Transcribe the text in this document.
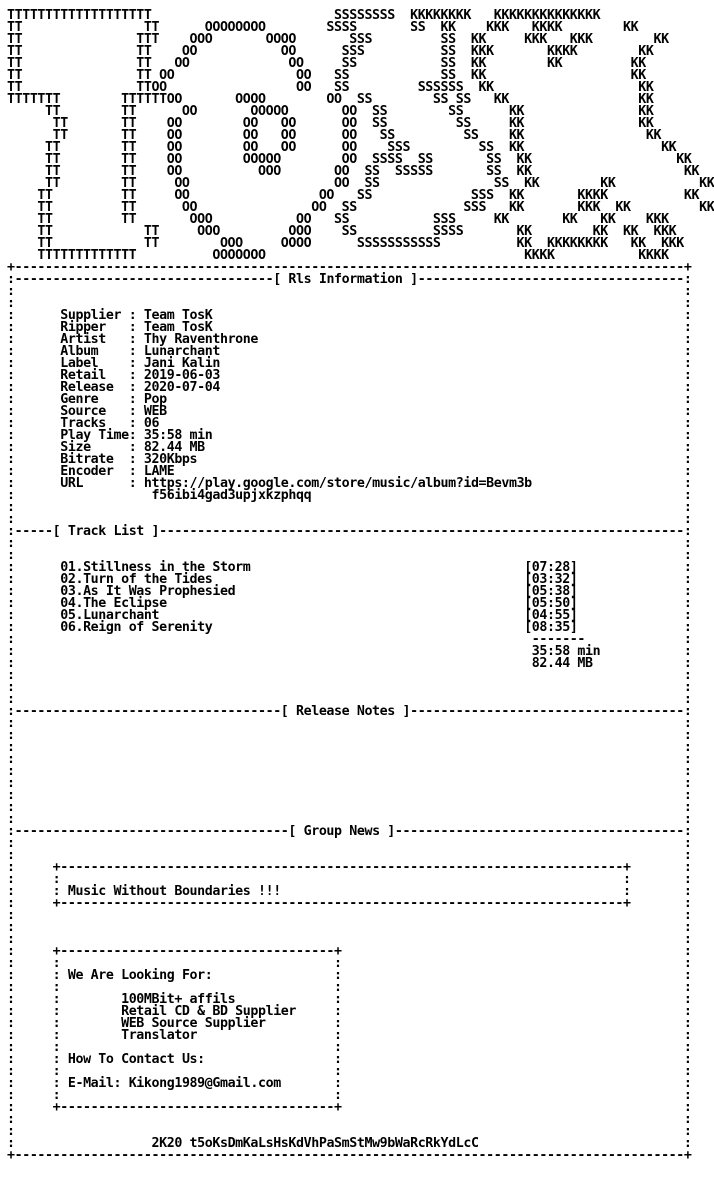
TTTTTTTTTTTTTTTTTTT                        SSSSSSSS  KKKKKKKK   KKKKKKKKKKKKKK
TT                TT      OOOOOOOO        SSSS       SS  KK    KKK   KKKK        KK
TT               TTT    OOO       OOOO       SSS         SS  KK     KKK   KKK        KK
TT               TT    OO           OO      SSS          SS  KKK       KKKK        KK
TT               TT   OO             OO     SS           SS  KK        KK         KK
TT               TT OO                OO   SS            SS  KK                   KK
TT               TTOO                 OO   SS         SSSSSS  KK                   KK
TTTTTTT        TTTTTTOO       OOOO        OO  SS        SS SS   KK                 KK
TT        TT      OO       OOOOO       OO  SS        SS      KK               KK
TT       TT    OO        OO   OO      OO  SS         SS     KK               KK
TT       TT    OO        OO   OO      OO   SS         SS    KK                KK
TT        TT    OO        OO   OO      OO    SSS         SS  KK                  KK
TT        TT    OO        OOOOO        OO  SSSS  SS       SS  KK                   KK
TT        TT    OO          OOO       OO  SS  SSSSS       SS  KK                    KK
TT        TT     OO                   OO  SS               SS  KK        KK           KK
TT         TT     OO                 OO   SS             SSS  KK       KKKK          KK
TT         TT      OO               OO  SS              SSS   KK       KKK  KK         KK
TT         TT       OOO           OO   SS           SSS     KK       KK   KK    KKK
TT            TT     OOO         OOO    SS          SSSS       KK        KK  KK  KKK
TT            TT        OOO     OOOO      SSSSSSSSSSS          KK  KKKKKKKK   KK  KKK
TTTTTTTTTTTTT          OOOOOOO                                  KKKK           KKKK
+----------------------------------------------------------------------------------------+
:----------------------------------[ Rls Information ]-----------------------------------:
:                                                                                        :
:                                                                                        :
:	Supplier : Team TosK                                                              :
:	Ripper   : Team TosK                                                              :
:	Artist   : Thy Raventhrone                                                        :
:	Album    : Lunarchant                                                             :
:	Label    : Jani Kalin                                                             :
:	Retail   : 2019-06-03                                                             :
:	Release  : 2020-07-04                                                             :
:	Genre    : Pop                                                                    :
:	Source   : WEB                                                                    :
:	Tracks   : 06                                                                     :
:	Play Time: 35:58 min                                                              :
:	Size     : 82.44 MB                                                               :
:	Bitrate  : 320Kbps                                                                :
:	Encoder  : LAME                                                                   :
:	URL      : https://play.google.com/store/music/album?id=Bevm3b                    :
:	f56ibi4gad3upjxkzphqq                                                 :
:                                                                                        :
:                                                                                        :
:-----[ Track List ]---------------------------------------------------------------------:
:                                                                                        :
:                                                                                        :
:	01.Stillness in the Storm	[07:28]              :
:	02.Turn of the Tides	[03:32]              :
:	03.As It Was Prophesied	[05:38]              :
:	04.The Eclipse	[05:50]              :
:	05.Lunarchant	[04:55]              :
:	06.Reign of Serenity	[08:35]              :
:	-------             :
:	35:58 min           :
:	82.44 MB            :
:                                                                                        :
:                                                                                        :
:                                                                                        :
:-----------------------------------[ Release Notes ]------------------------------------:
:                                                                                        :
:                                                                                        :
:                                                                                        :
:                                                                                        :
:                                                                                        :
:                                                                                        :
:                                                                                        :
:                                                                                        :
:                                                                                        :
:------------------------------------[ Group News ]--------------------------------------:
:                                                                                        :
:                                                                                        :
:     +--------------------------------------------------------------------------+       :
:     :                                                                          :       :
:     : Music Without Boundaries !!!                                             :       :
:     +--------------------------------------------------------------------------+       :
:                                                                                        :
:                                                                                        :
:                                                                                        :
:     +------------------------------------+                                             :
:     :                                    :                                             :
:     : We Are Looking For:                :                                             :
:     :                                    :                                             :
:     :	100MBit+ affils             :                                             :
:     :	Retail CD & BD Supplier     :                                             :
:     :	WEB Source Supplier         :                                             :
:     :	Translator                  :                                             :
:     :                                    :                                             :
:     : How To Contact Us:                 :                                             :
:     :                                    :                                             :
:     : E-Mail: Kikong1989@Gmail.com       :                                             :
:     :                                    :                                             :
:     +------------------------------------+                                             :
:                                                                                        :
:                                                                                        :
:	2K20 t5oKsDmKaLsHsKdVhPaSmStMw9bWaRcRkYdLcC                           :
+----------------------------------------------------------------------------------------+
